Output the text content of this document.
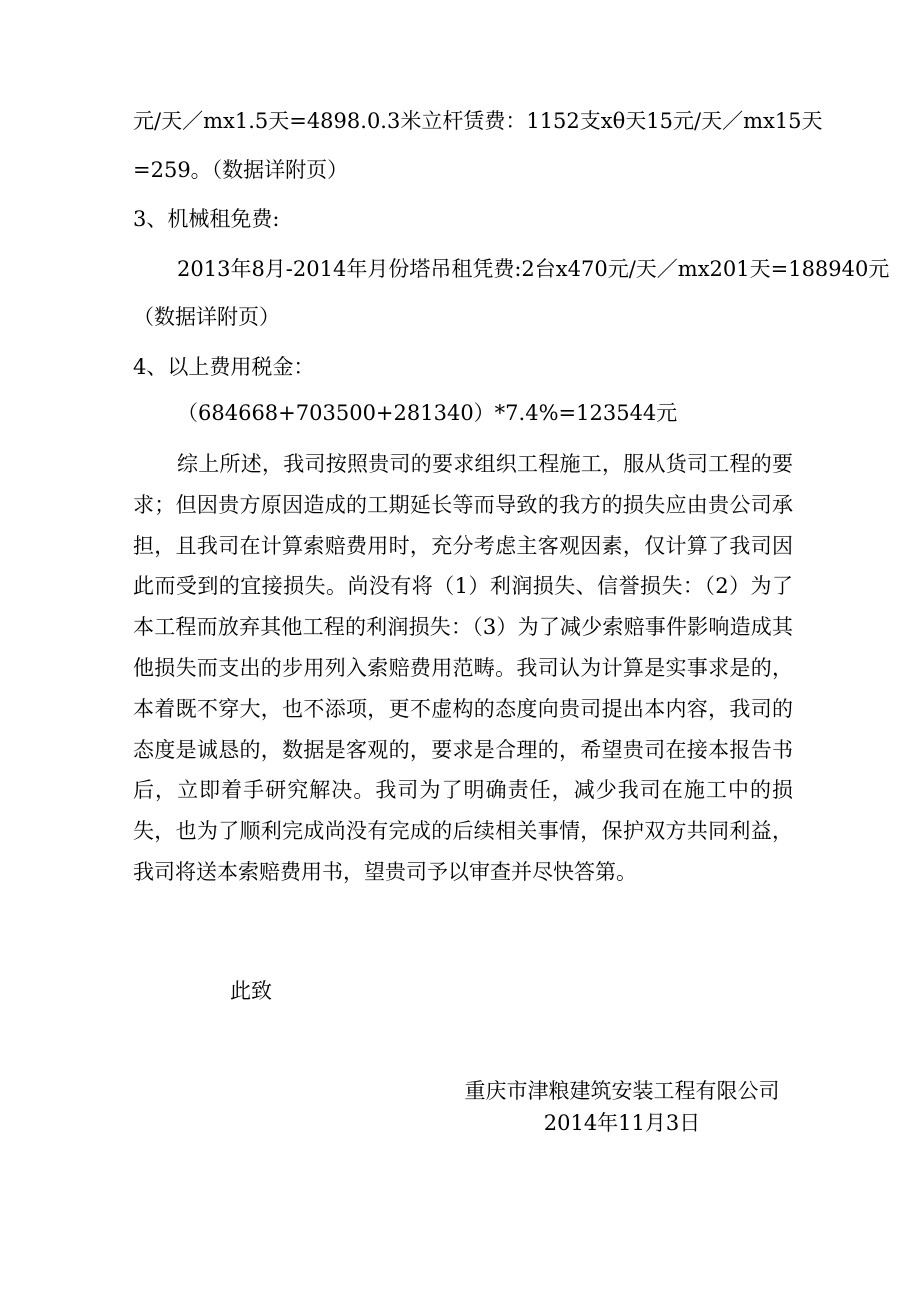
元/天／mx1.5天=4898.0.3米立杆赁费：1152支xθ天15元/天／mx15天
=259。（数据详附页）
3、机械租免费:
2013年8月-2014年月份塔吊租凭费:2台x470元/天／mx201天=188940元
（数据详附页）
4、以上费用税金：
（684668+703500+281340）*7.4%=123544元
综上所述，我司按照贵司的要求组织工程施工，服从货司工程的要求；但因贵方原因造成的工期延长等而导致的我方的损失应由贵公司承担，且我司在计算索赔费用时，充分考虑主客观因素，仅计算了我司因此而受到的宜接损失。尚没有将（1）利润损失、信誉损失：（2）为了本工程而放弃其他工程的利润损失：（3）为了减少索赔事件影响造成其他损失而支出的步用列入索赔费用范畴。我司认为计算是实事求是的，本着既不穿大，也不添项，更不虚构的态度向贵司提出本内容，我司的态度是诚恳的，数据是客观的，要求是合理的，希望贵司在接本报告书后，立即着手研究解决。我司为了明确责任，减少我司在施工中的损失，也为了顺利完成尚没有完成的后续相关事情，保护双方共同利益，我司将送本索赔费用书，望贵司予以审查并尽快答第。
此致
重庆市津粮建筑安装工程有限公司
2014年11月3日
